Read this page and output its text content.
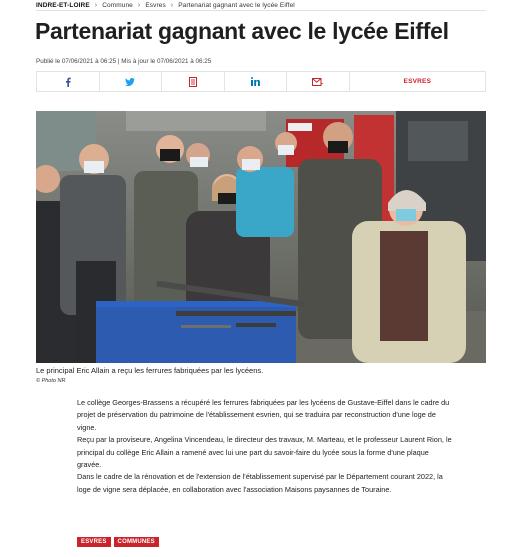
INDRE-ET-LOIRE › Commune › Esvres › Partenariat gagnant avec le lycée Eiffel
Partenariat gagnant avec le lycée Eiffel
Publié le 07/06/2021 à 06:25 | Mis à jour le 07/06/2021 à 06:25
ESVRES
Le principal Eric Allain a reçu les ferrures fabriquées par les lycéens.
© Photo NR

Le collège Georges-Brassens a récupéré les ferrures fabriquées par les lycéens de Gustave-Eiffel dans le cadre du projet de préservation du patrimoine de l'établissement esvrien, qui se traduira par reconstruction d'une loge de vigne.

Reçu par la proviseure, Angelina Vincendeau, le directeur des travaux, M. Marteau, et le professeur Laurent Rion, le principal du collège Eric Allain a ramené avec lui une part du savoir-faire du lycée sous la forme d'une plaque gravée.

Dans le cadre de la rénovation et de l'extension de l'établissement supervisé par le Département courant 2022, la loge de vigne sera déplacée, en collaboration avec l'association Maisons paysannes de Touraine.

ESVRES	COMMUNES
